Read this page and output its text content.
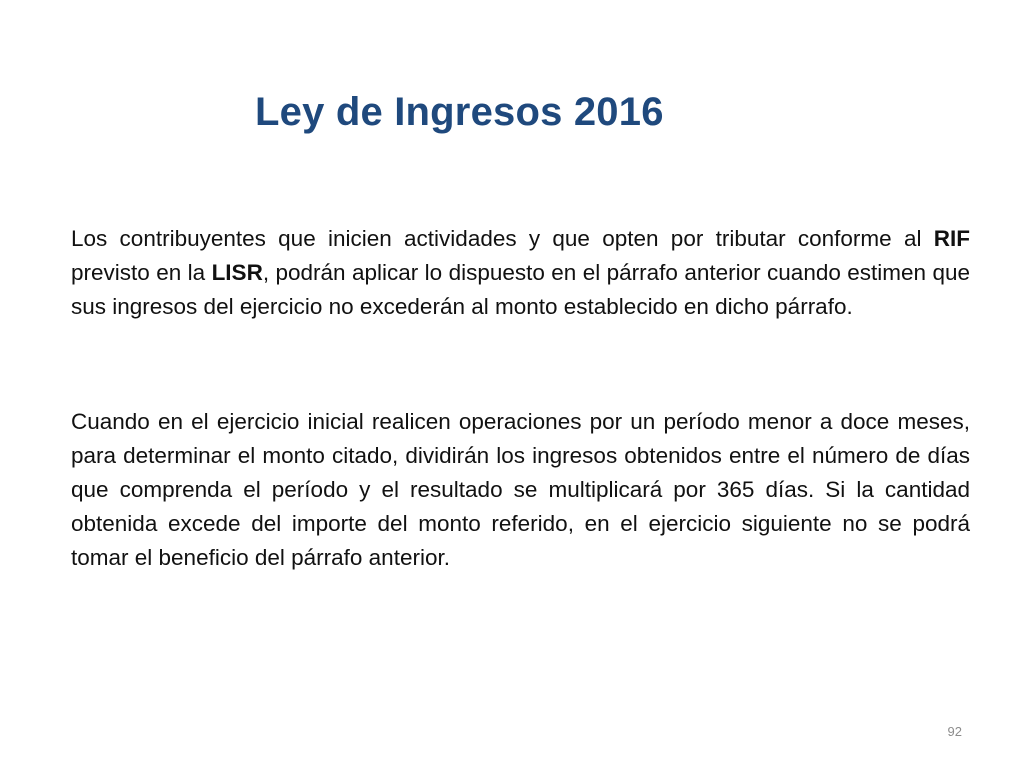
Ley de Ingresos 2016

Los contribuyentes que inicien actividades y que opten por tributar conforme al RIF previsto en la LISR, podrán aplicar lo dispuesto en el párrafo anterior cuando estimen que sus ingresos del ejercicio no excederán al monto establecido en dicho párrafo.

Cuando en el ejercicio inicial realicen operaciones por un período menor a doce meses, para determinar el monto citado, dividirán los ingresos obtenidos entre el número de días que comprenda el período y el resultado se multiplicará por 365 días. Si la cantidad obtenida excede del importe del monto referido, en el ejercicio siguiente no se podrá tomar el beneficio del párrafo anterior.

92
